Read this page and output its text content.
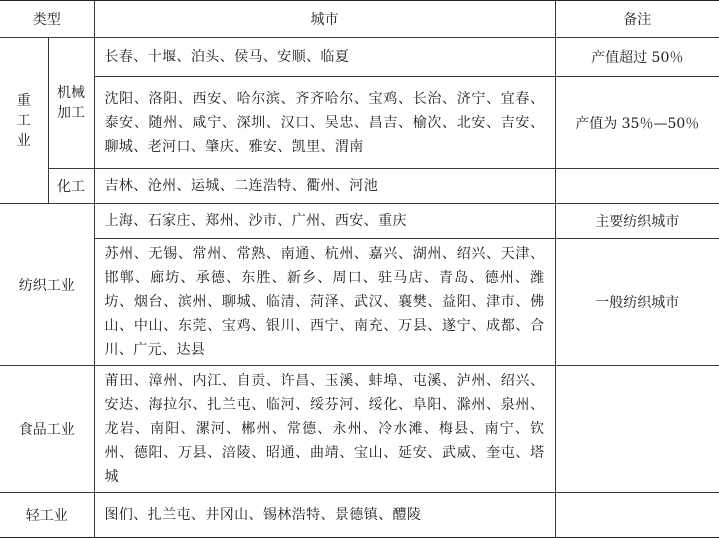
类型		城市	备注
重工业	机械加工	长春、十堰、泊头、侯马、安顺、临夏	产值超过 50％
		沈阳、洛阳、西安、哈尔滨、齐齐哈尔、宝鸡、长治、济宁、宜春、泰安、随州、咸宁、深圳、汉口、吴忠、昌吉、榆次、北安、吉安、聊城、老河口、肇庆、雅安、凯里、渭南	产值为 35％—50％
	化工	吉林、沧州、运城、二连浩特、衢州、河池	
纺织工业		上海、石家庄、郑州、沙市、广州、西安、重庆	主要纺织城市
		苏州、无锡、常州、常熟、南通、杭州、嘉兴、湖州、绍兴、天津、邯郸、廊坊、承德、东胜、新乡、周口、驻马店、青岛、德州、潍坊、烟台、滨州、聊城、临清、菏泽、武汉、襄樊、益阳、津市、佛山、中山、东莞、宝鸡、银川、西宁、南充、万县、遂宁、成都、合川、广元、达县	一般纺织城市
食品工业		莆田、漳州、内江、自贡、许昌、玉溪、蚌埠、屯溪、泸州、绍兴、安达、海拉尔、扎兰屯、临河、绥芬河、绥化、阜阳、滁州、泉州、龙岩、南阳、漯河、郴州、常德、永州、冷水滩、梅县、南宁、钦州、德阳、万县、涪陵、昭通、曲靖、宝山、延安、武威、奎屯、塔城	
轻工业		图们、扎兰屯、井冈山、锡林浩特、景德镇、醴陵	
